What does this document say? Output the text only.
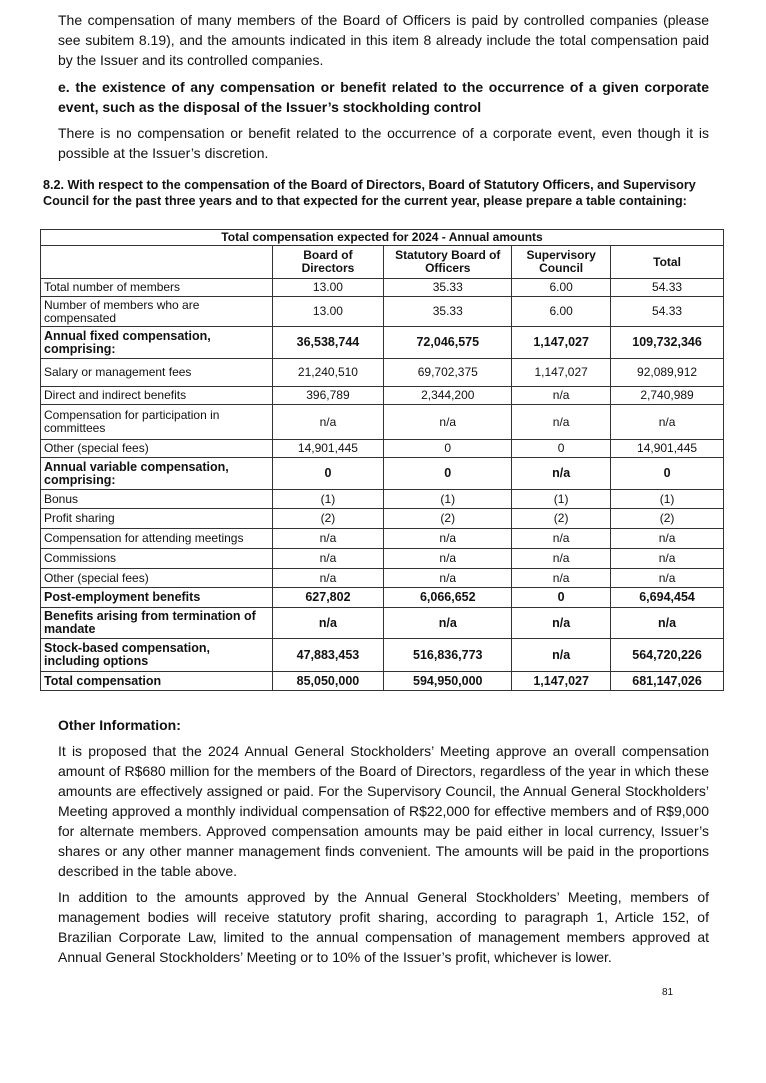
The compensation of many members of the Board of Officers is paid by controlled companies (please see subitem 8.19), and the amounts indicated in this item 8 already include the total compensation paid by the Issuer and its controlled companies.

e. the existence of any compensation or benefit related to the occurrence of a given corporate event, such as the disposal of the Issuer’s stockholding control

There is no compensation or benefit related to the occurrence of a corporate event, even though it is possible at the Issuer’s discretion.

8.2. With respect to the compensation of the Board of Directors, Board of Statutory Officers, and Supervisory Council for the past three years and to that expected for the current year, please prepare a table containing:

Total compensation expected for 2024 - Annual amounts				
	Board of Directors	Statutory Board of Officers	Supervisory Council	Total
Total number of members	13.00	35.33	6.00	54.33
Number of members who are compensated	13.00	35.33	6.00	54.33
Annual fixed compensation, comprising:	36,538,744	72,046,575	1,147,027	109,732,346
Salary or management fees	21,240,510	69,702,375	1,147,027	92,089,912
Direct and indirect benefits	396,789	2,344,200	n/a	2,740,989
Compensation for participation in committees	n/a	n/a	n/a	n/a
Other (special fees)	14,901,445	0	0	14,901,445
Annual variable compensation, comprising:	0	0	n/a	0
Bonus	(1)	(1)	(1)	(1)
Profit sharing	(2)	(2)	(2)	(2)
Compensation for attending meetings	n/a	n/a	n/a	n/a
Commissions	n/a	n/a	n/a	n/a
Other (special fees)	n/a	n/a	n/a	n/a
Post-employment benefits	627,802	6,066,652	0	6,694,454
Benefits arising from termination of mandate	n/a	n/a	n/a	n/a
Stock-based compensation, including options	47,883,453	516,836,773	n/a	564,720,226
Total compensation	85,050,000	594,950,000	1,147,027	681,147,026

Other Information:

It is proposed that the 2024 Annual General Stockholders’ Meeting approve an overall compensation amount of R$680 million for the members of the Board of Directors, regardless of the year in which these amounts are effectively assigned or paid. For the Supervisory Council, the Annual General Stockholders’ Meeting approved a monthly individual compensation of R$22,000 for effective members and of R$9,000 for alternate members. Approved compensation amounts may be paid either in local currency, Issuer’s shares or any other manner management finds convenient. The amounts will be paid in the proportions described in the table above.

In addition to the amounts approved by the Annual General Stockholders’ Meeting, members of management bodies will receive statutory profit sharing, according to paragraph 1, Article 152, of Brazilian Corporate Law, limited to the annual compensation of management members approved at Annual General Stockholders’ Meeting or to 10% of the Issuer’s profit, whichever is lower.

81
